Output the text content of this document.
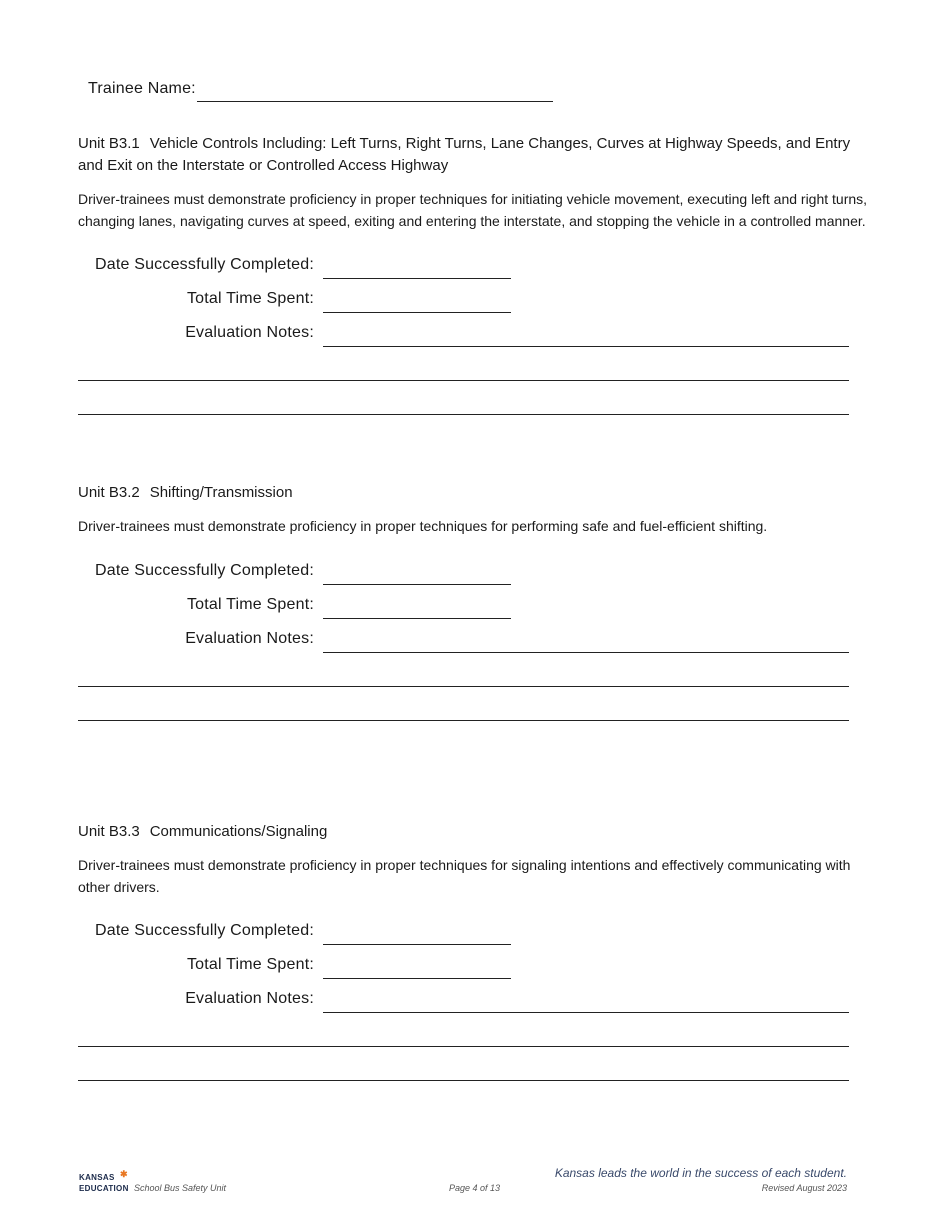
Trainee Name:
Unit B3.1 Vehicle Controls Including: Left Turns, Right Turns, Lane Changes, Curves at Highway Speeds, and Entry and Exit on the Interstate or Controlled Access Highway
Driver-trainees must demonstrate proficiency in proper techniques for initiating vehicle movement, executing left and right turns, changing lanes, navigating curves at speed, exiting and entering the interstate, and stopping the vehicle in a controlled manner.
Date Successfully Completed:
Total Time Spent:
Evaluation Notes:
Unit B3.2 Shifting/Transmission
Driver-trainees must demonstrate proficiency in proper techniques for performing safe and fuel-efficient shifting.
Date Successfully Completed:
Total Time Spent:
Evaluation Notes:
Unit B3.3 Communications/Signaling
Driver-trainees must demonstrate proficiency in proper techniques for signaling intentions and effectively communicating with other drivers.
Date Successfully Completed:
Total Time Spent:
Evaluation Notes:
KANSAS ✱
EDUCATION School Bus Safety Unit	Page 4 of 13
Kansas leads the world in the success of each student.
Revised August 2023
